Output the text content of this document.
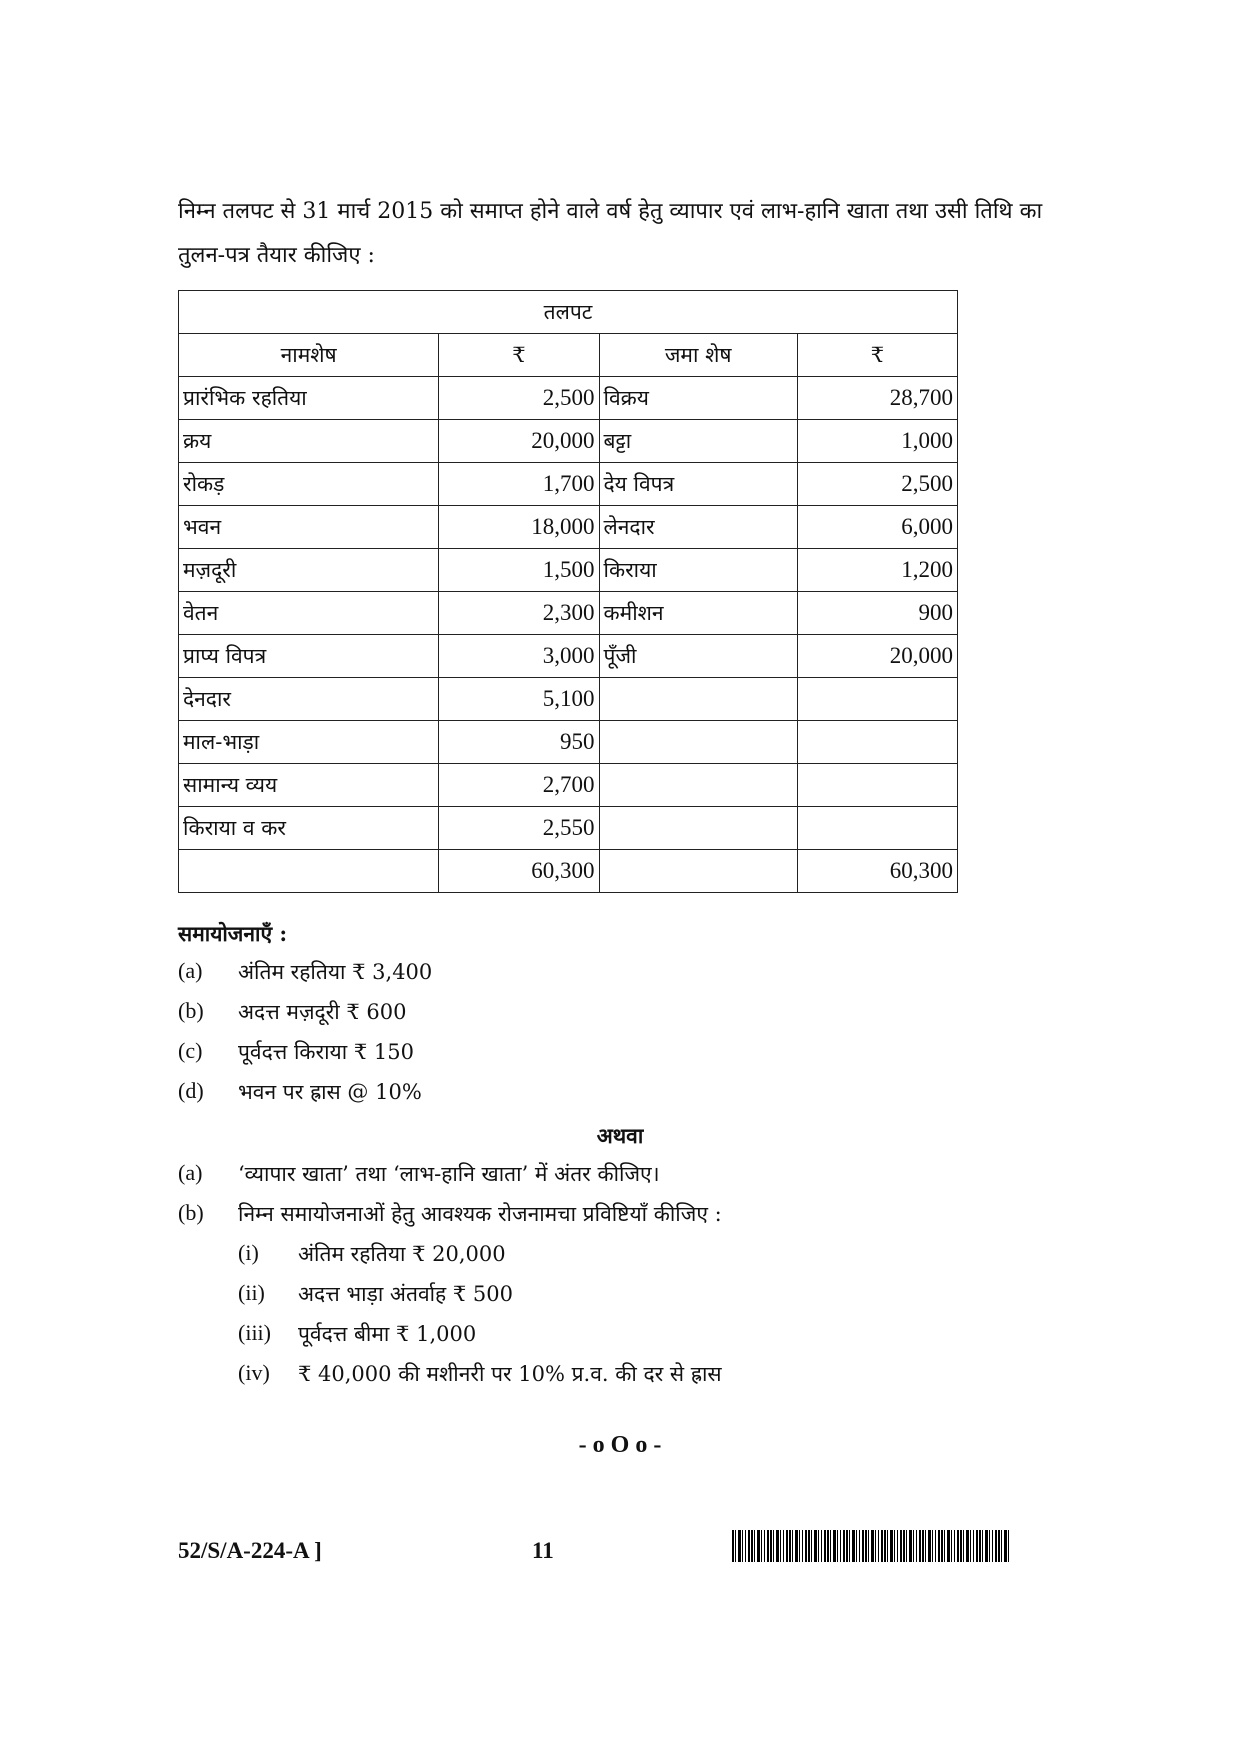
निम्न तलपट से 31 मार्च 2015 को समाप्त होने वाले वर्ष हेतु व्यापार एवं लाभ-हानि खाता तथा उसी तिथि का
तुलन-पत्र तैयार कीजिए :
तलपट			
नामशेष	₹	जमा शेष	₹
प्रारंभिक रहतिया	2,500	विक्रय	28,700
क्रय	20,000	बट्टा	1,000
रोकड़	1,700	देय विपत्र	2,500
भवन	18,000	लेनदार	6,000
मज़दूरी	1,500	किराया	1,200
वेतन	2,300	कमीशन	900
प्राप्य विपत्र	3,000	पूँजी	20,000
देनदार	5,100		
माल-भाड़ा	950		
सामान्य व्यय	2,700		
किराया व कर	2,550		
	60,300		60,300
समायोजनाएँ :
(a) अंतिम रहतिया ₹ 3,400
(b) अदत्त मज़दूरी ₹ 600
(c) पूर्वदत्त किराया ₹ 150
(d) भवन पर ह्रास @ 10%
अथवा
(a) ‘व्यापार खाता’ तथा ‘लाभ-हानि खाता’ में अंतर कीजिए।
(b) निम्न समायोजनाओं हेतु आवश्यक रोजनामचा प्रविष्टियाँ कीजिए :
(i) अंतिम रहतिया ₹ 20,000
(ii) अदत्त भाड़ा अंतर्वाह ₹ 500
(iii) पूर्वदत्त बीमा ₹ 1,000
(iv) ₹ 40,000 की मशीनरी पर 10% प्र.व. की दर से ह्रास
- o O o -
52/S/A-224-A ]	11
